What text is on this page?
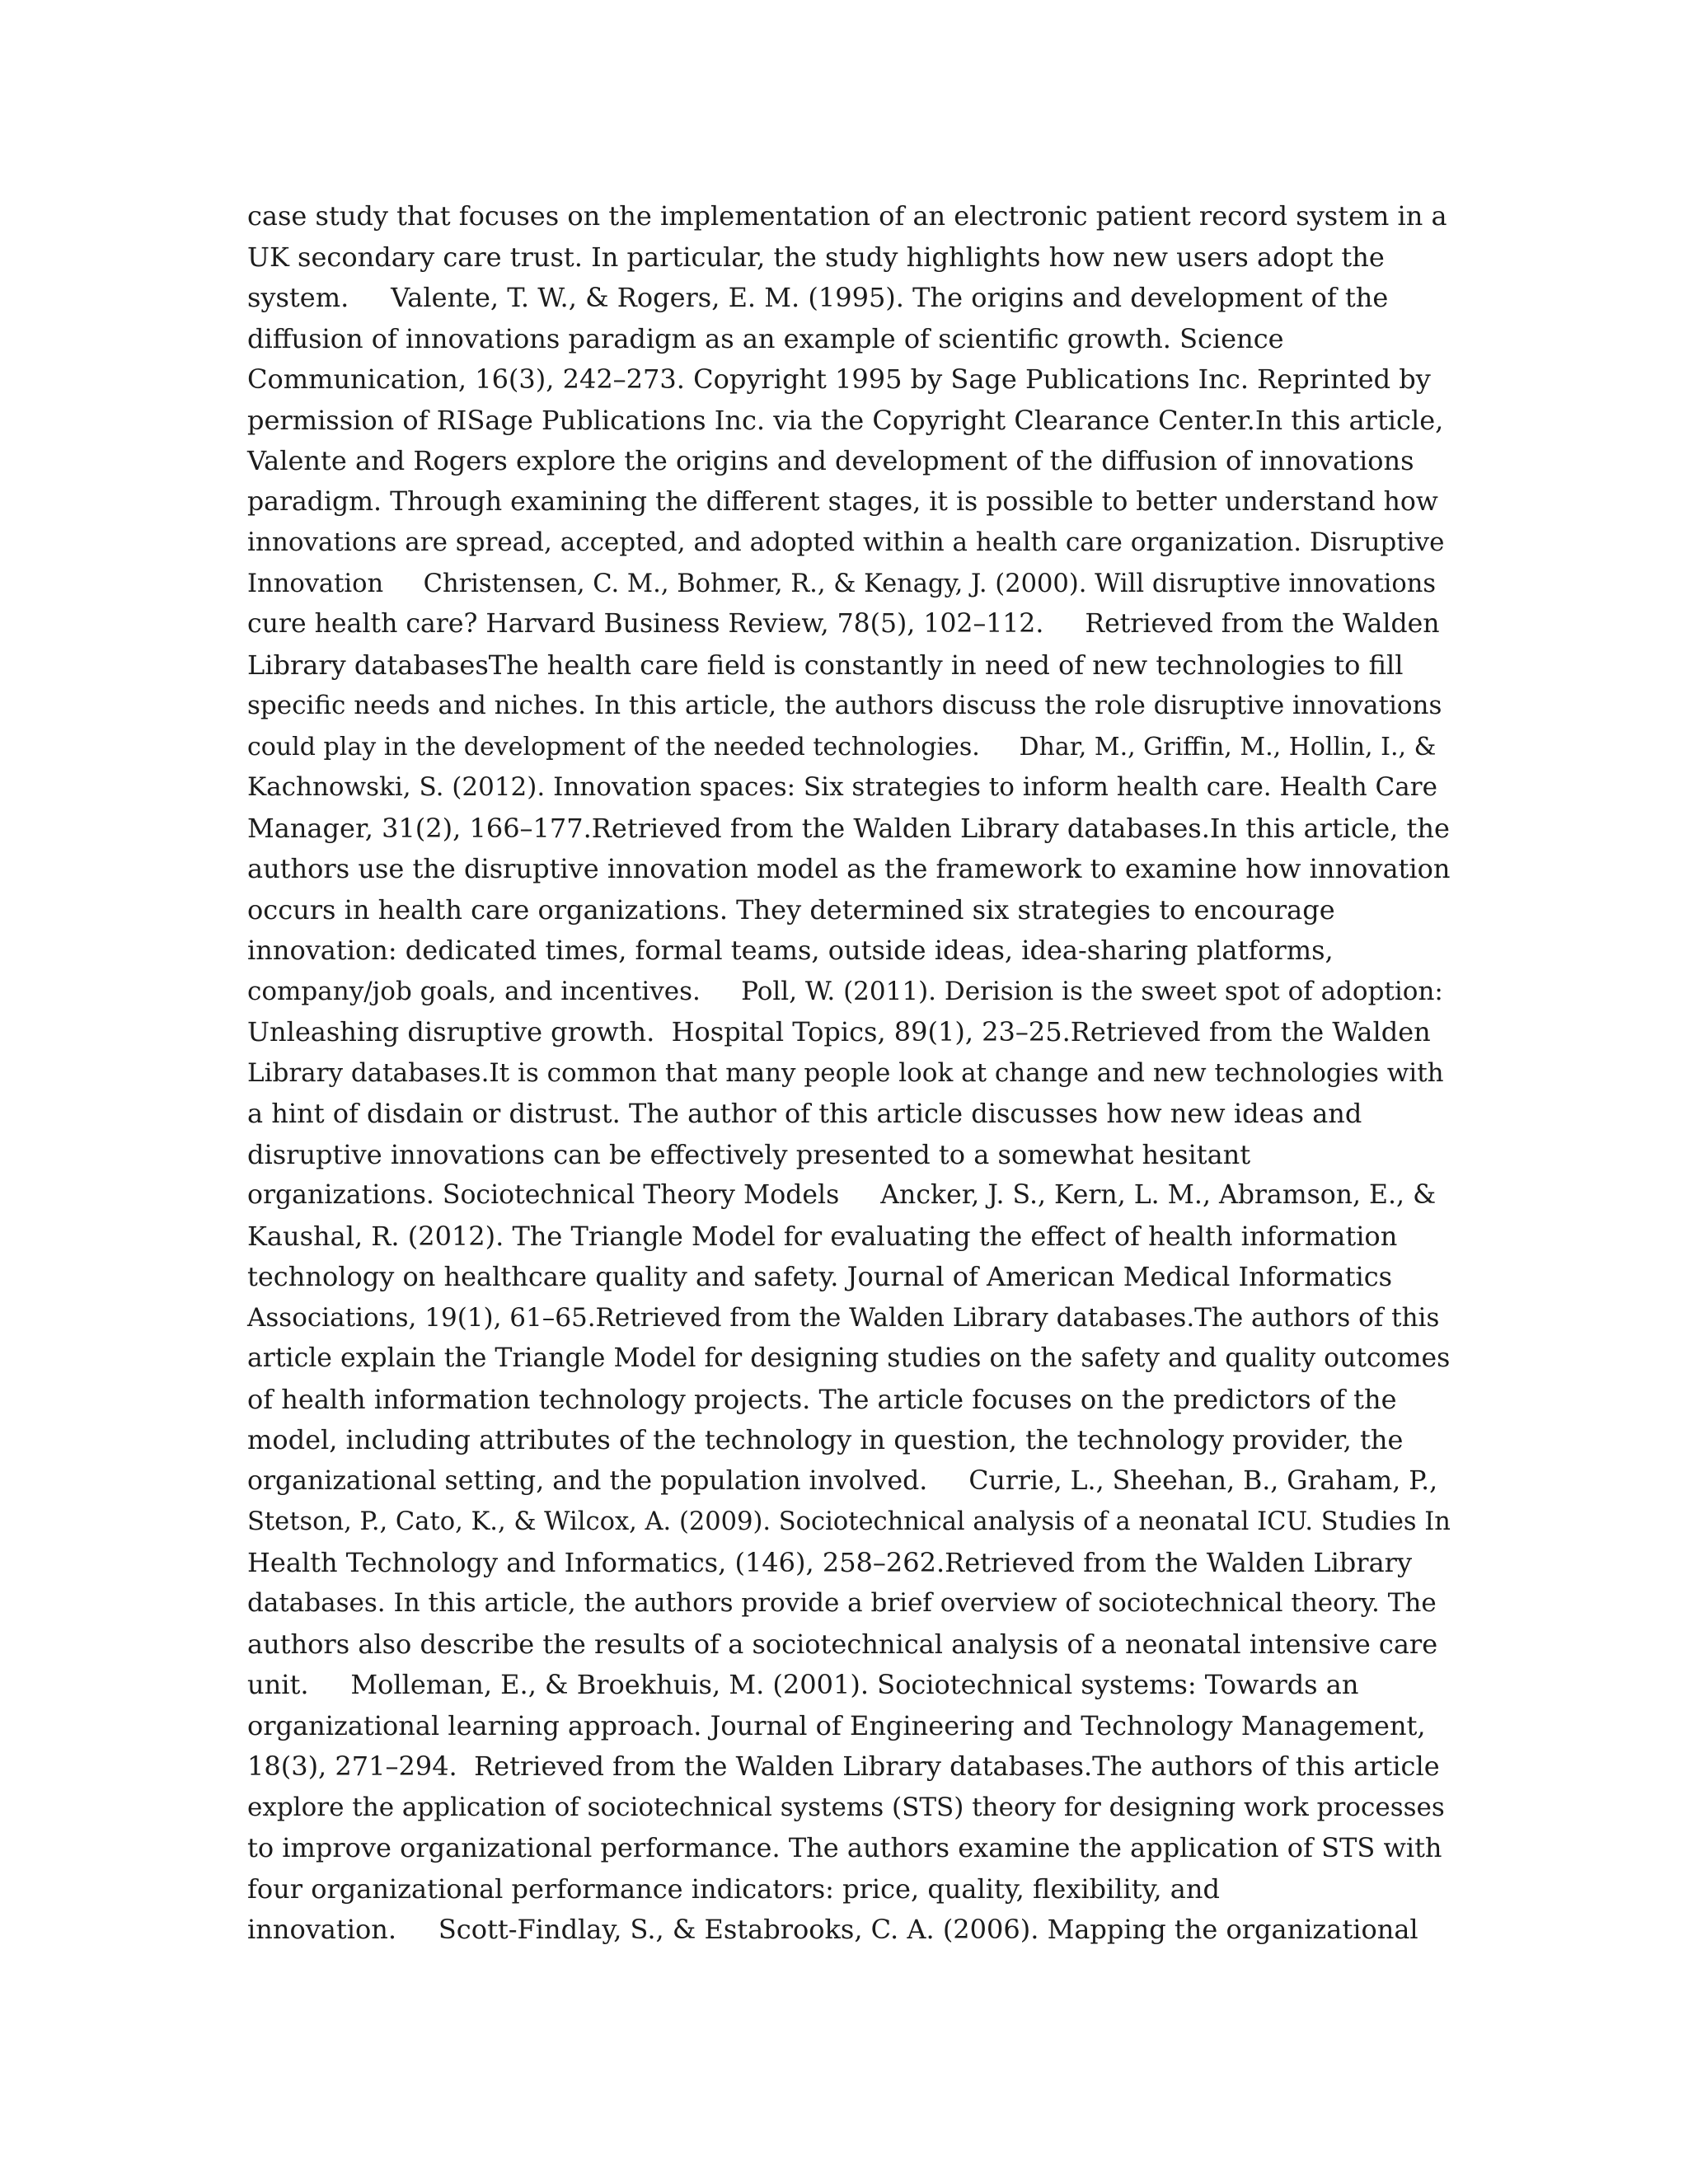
case study that focuses on the implementation of an electronic patient record system in a
UK secondary care trust. In particular, the study highlights how new users adopt the
system.     Valente, T. W., & Rogers, E. M. (1995). The origins and development of the
diffusion of innovations paradigm as an example of scientific growth. Science
Communication, 16(3), 242–273. Copyright 1995 by Sage Publications Inc. Reprinted by
permission of RISage Publications Inc. via the Copyright Clearance Center.In this article,
Valente and Rogers explore the origins and development of the diffusion of innovations
paradigm. Through examining the different stages, it is possible to better understand how
innovations are spread, accepted, and adopted within a health care organization. Disruptive
Innovation     Christensen, C. M., Bohmer, R., & Kenagy, J. (2000). Will disruptive innovations
cure health care? Harvard Business Review, 78(5), 102–112.     Retrieved from the Walden
Library databasesThe health care field is constantly in need of new technologies to fill
specific needs and niches. In this article, the authors discuss the role disruptive innovations
could play in the development of the needed technologies.     Dhar, M., Griffin, M., Hollin, I., &
Kachnowski, S. (2012). Innovation spaces: Six strategies to inform health care. Health Care
Manager, 31(2), 166–177.Retrieved from the Walden Library databases.In this article, the
authors use the disruptive innovation model as the framework to examine how innovation
occurs in health care organizations. They determined six strategies to encourage
innovation: dedicated times, formal teams, outside ideas, idea-sharing platforms,
company/job goals, and incentives.     Poll, W. (2011). Derision is the sweet spot of adoption:
Unleashing disruptive growth.  Hospital Topics, 89(1), 23–25.Retrieved from the Walden
Library databases.It is common that many people look at change and new technologies with
a hint of disdain or distrust. The author of this article discusses how new ideas and
disruptive innovations can be effectively presented to a somewhat hesitant
organizations. Sociotechnical Theory Models     Ancker, J. S., Kern, L. M., Abramson, E., &
Kaushal, R. (2012). The Triangle Model for evaluating the effect of health information
technology on healthcare quality and safety. Journal of American Medical Informatics
Associations, 19(1), 61–65.Retrieved from the Walden Library databases.The authors of this
article explain the Triangle Model for designing studies on the safety and quality outcomes
of health information technology projects. The article focuses on the predictors of the
model, including attributes of the technology in question, the technology provider, the
organizational setting, and the population involved.     Currie, L., Sheehan, B., Graham, P.,
Stetson, P., Cato, K., & Wilcox, A. (2009). Sociotechnical analysis of a neonatal ICU. Studies In
Health Technology and Informatics, (146), 258–262.Retrieved from the Walden Library
databases. In this article, the authors provide a brief overview of sociotechnical theory. The
authors also describe the results of a sociotechnical analysis of a neonatal intensive care
unit.     Molleman, E., & Broekhuis, M. (2001). Sociotechnical systems: Towards an
organizational learning approach. Journal of Engineering and Technology Management,
18(3), 271–294.  Retrieved from the Walden Library databases.The authors of this article
explore the application of sociotechnical systems (STS) theory for designing work processes
to improve organizational performance. The authors examine the application of STS with
four organizational performance indicators: price, quality, flexibility, and
innovation.     Scott-Findlay, S., & Estabrooks, C. A. (2006). Mapping the organizational
